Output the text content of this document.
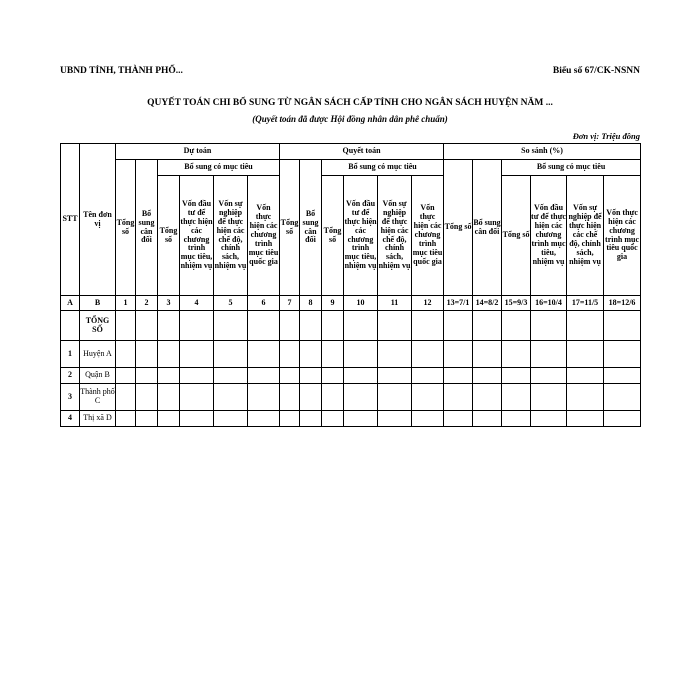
UBND TỈNH, THÀNH PHỐ...	Biểu số 67/CK-NSNN
QUYẾT TOÁN CHI BỔ SUNG TỪ NGÂN SÁCH CẤP TỈNH CHO NGÂN SÁCH HUYỆN NĂM ...
(Quyết toán đã được Hội đồng nhân dân phê chuẩn)
Đơn vị: Triệu đồng
STT	Tên đơn vị	Dự toán						Quyết toán						So sánh (%)					
		Tổng số	Bổ sung cân đối	Bổ sung có mục tiêu				Tổng số	Bổ sung cân đối	Bổ sung có mục tiêu				Tổng số	Bổ sung cân đối	Bổ sung có mục tiêu			
				Tổng số	Vốn đầu tư để thực hiện các chương trình mục tiêu, nhiệm vụ	Vốn sự nghiệp để thực hiện các chế độ, chính sách, nhiệm vụ	Vốn thực hiện các chương trình mục tiêu quốc gia			Tổng số	Vốn đầu tư để thực hiện các chương trình mục tiêu, nhiệm vụ	Vốn sự nghiệp để thực hiện các chế độ, chính sách, nhiệm vụ	Vốn thực hiện các chương trình mục tiêu quốc gia			Tổng số	Vốn đầu tư để thực hiện các chương trình mục tiêu, nhiệm vụ	Vốn sự nghiệp để thực hiện các chế độ, chính sách, nhiệm vụ	Vốn thực hiện các chương trình mục tiêu quốc gia
A	B	1	2	3	4	5	6	7	8	9	10	11	12	13=7/1	14=8/2	15=9/3	16=10/4	17=11/5	18=12/6
	TỔNG SỐ																		
1	Huyện A																		
2	Quận B																		
3	Thành phố C																		
4	Thị xã D																		
